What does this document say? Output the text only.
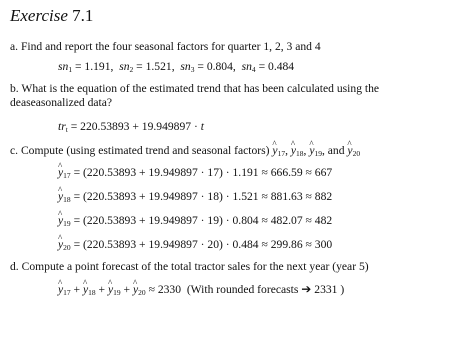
Exercise 7.1
a. Find and report the four seasonal factors for quarter 1, 2, 3 and 4
$sn_1 = 1.191$, $sn_2 = 1.521$, $sn_3 = 0.804$, $sn_4 = 0.484$
b. What is the equation of the estimated trend that has been calculated using the
deaseasonalized data?
$tr_t = 220.53893 + 19.949897 \cdot t$
c. Compute (using estimated trend and seasonal factors) ^ $y_{17}$, ^ $y_{18}$, ^ $y_{19}$, and ^ $y_{20}$
^ $y_{17} = (220.53893 + 19.949897 \cdot 17) \cdot 1.191 \approx 666.59 \approx 667$
^ $y_{18} = (220.53893 + 19.949897 \cdot 18) \cdot 1.521 \approx 881.63 \approx 882$
^ $y_{19} = (220.53893 + 19.949897 \cdot 19) \cdot 0.804 \approx 482.07 \approx 482$
^ $y_{20} = (220.53893 + 19.949897 \cdot 20) \cdot 0.484 \approx 299.86 \approx 300$
d. Compute a point forecast of the total tractor sales for the next year (year 5)
^ $y_{17}$ + ^ $y_{18}$ + ^ $y_{19}$ + ^ $y_{20} \approx 2330$ (With rounded forecasts ➔ 2331 )
